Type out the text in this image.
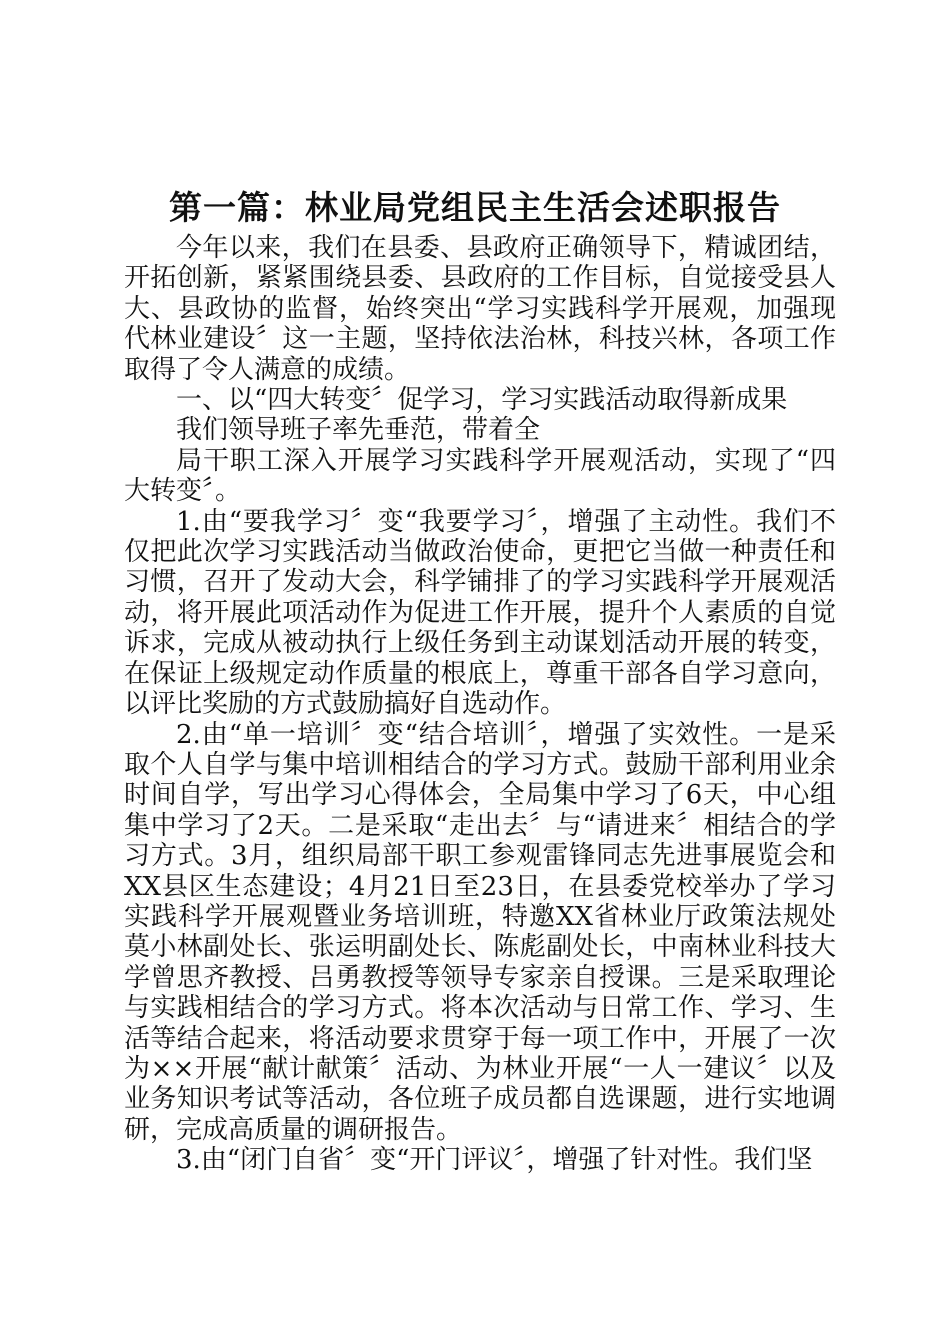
第一篇：林业局党组民主生活会述职报告

今年以来，我们在县委、县政府正确领导下，精诚团结，开拓创新，紧紧围绕县委、县政府的工作目标，自觉接受县人大、县政协的监督，始终突出“学习实践科学开展观，加强现代林业建设〞这一主题，坚持依法治林，科技兴林，各项工作取得了令人满意的成绩。

一、以“四大转变〞促学习，学习实践活动取得新成果

我们领导班子率先垂范，带着全

局干职工深入开展学习实践科学开展观活动，实现了“四大转变〞。

1.由“要我学习〞变“我要学习〞，增强了主动性。我们不仅把此次学习实践活动当做政治使命，更把它当做一种责任和习惯，召开了发动大会，科学铺排了的学习实践科学开展观活动，将开展此项活动作为促进工作开展，提升个人素质的自觉诉求，完成从被动执行上级任务到主动谋划活动开展的转变，在保证上级规定动作质量的根底上，尊重干部各自学习意向，以评比奖励的方式鼓励搞好自选动作。

2.由“单一培训〞变“结合培训〞，增强了实效性。一是采取个人自学与集中培训相结合的学习方式。鼓励干部利用业余时间自学，写出学习心得体会，全局集中学习了6天，中心组集中学习了2天。二是采取“走出去〞与“请进来〞相结合的学习方式。3月，组织局部干职工参观雷锋同志先进事展览会和XX县区生态建设；4月21日至23日，在县委党校举办了学习实践科学开展观暨业务培训班，特邀XX省林业厅政策法规处莫小林副处长、张运明副处长、陈彪副处长，中南林业科技大学曾思齐教授、吕勇教授等领导专家亲自授课。三是采取理论与实践相结合的学习方式。将本次活动与日常工作、学习、生活等结合起来，将活动要求贯穿于每一项工作中，开展了一次为××开展“献计献策〞活动、为林业开展“一人一建议〞以及业务知识考试等活动，各位班子成员都自选课题，进行实地调研，完成高质量的调研报告。

3.由“闭门自省〞变“开门评议〞，增强了针对性。我们坚
